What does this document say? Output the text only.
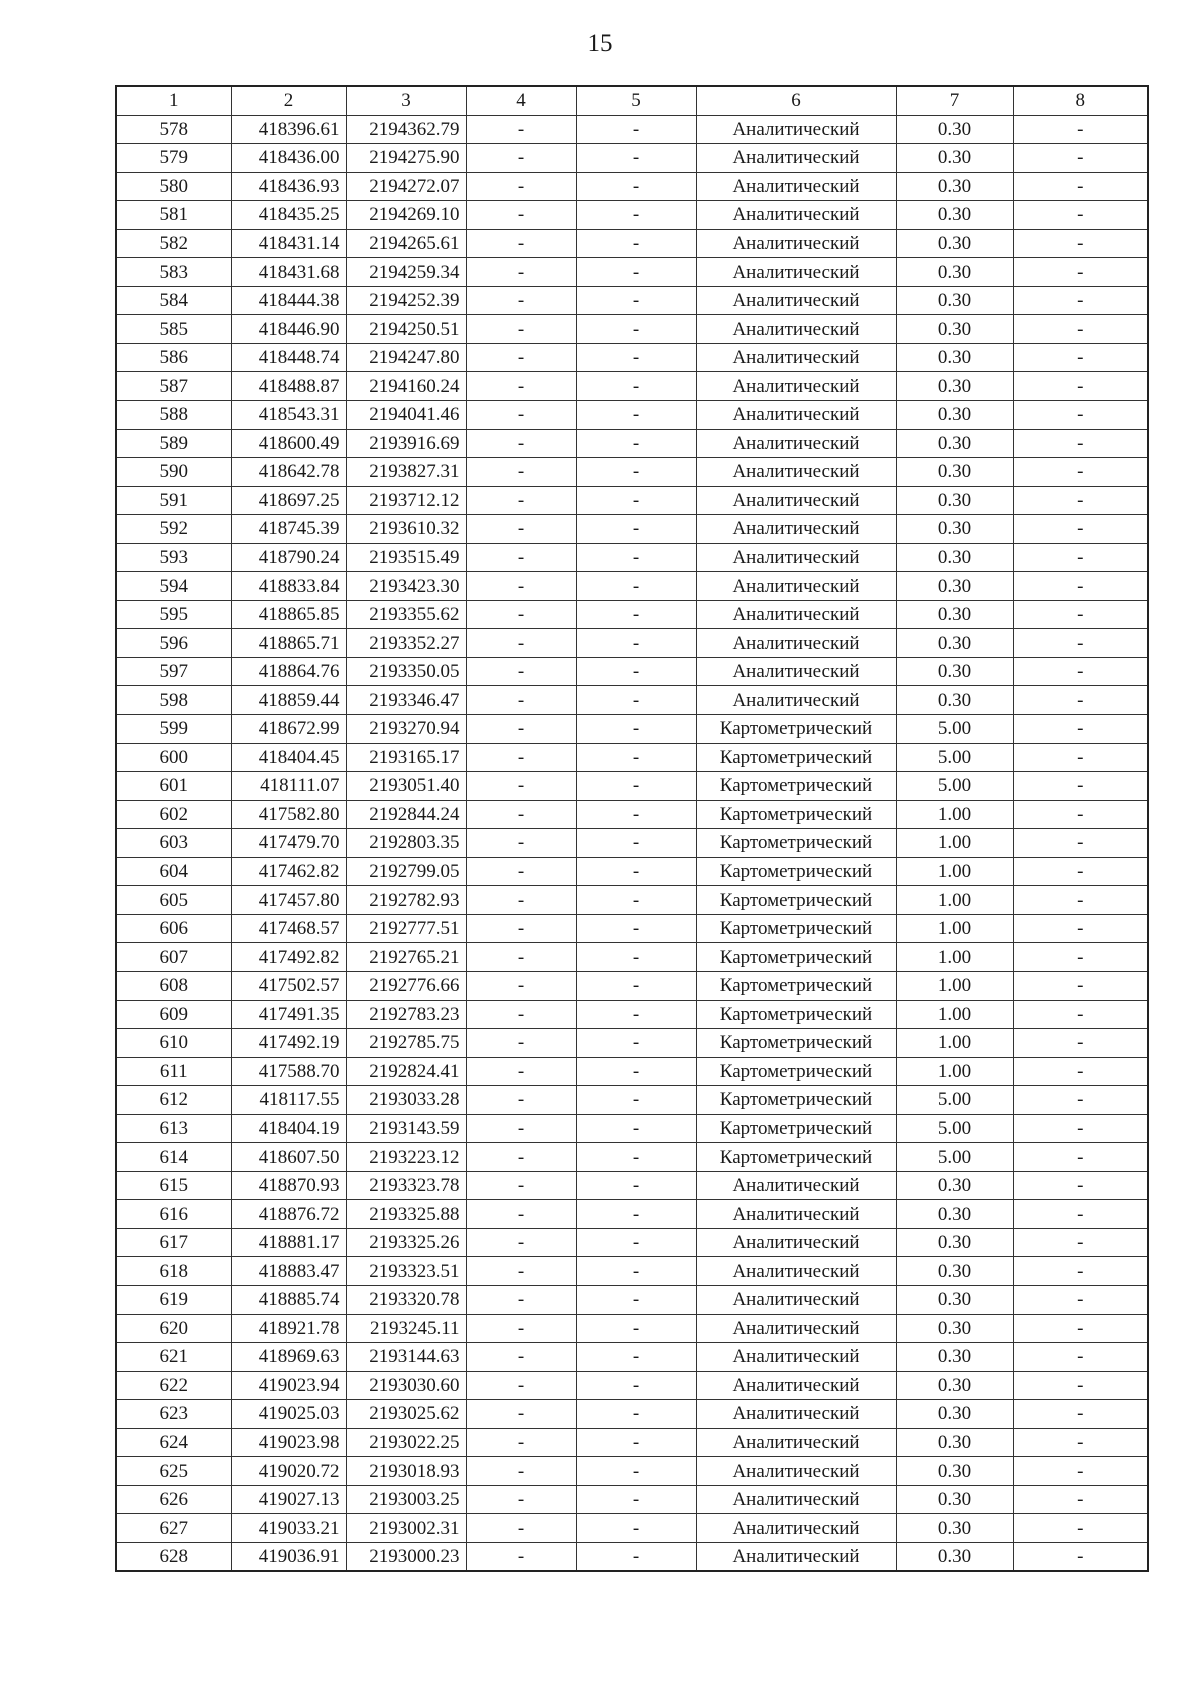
15
1	2	3	4	5	6	7	8
578	418396.61	2194362.79	-	-	Аналитический	0.30	-
579	418436.00	2194275.90	-	-	Аналитический	0.30	-
580	418436.93	2194272.07	-	-	Аналитический	0.30	-
581	418435.25	2194269.10	-	-	Аналитический	0.30	-
582	418431.14	2194265.61	-	-	Аналитический	0.30	-
583	418431.68	2194259.34	-	-	Аналитический	0.30	-
584	418444.38	2194252.39	-	-	Аналитический	0.30	-
585	418446.90	2194250.51	-	-	Аналитический	0.30	-
586	418448.74	2194247.80	-	-	Аналитический	0.30	-
587	418488.87	2194160.24	-	-	Аналитический	0.30	-
588	418543.31	2194041.46	-	-	Аналитический	0.30	-
589	418600.49	2193916.69	-	-	Аналитический	0.30	-
590	418642.78	2193827.31	-	-	Аналитический	0.30	-
591	418697.25	2193712.12	-	-	Аналитический	0.30	-
592	418745.39	2193610.32	-	-	Аналитический	0.30	-
593	418790.24	2193515.49	-	-	Аналитический	0.30	-
594	418833.84	2193423.30	-	-	Аналитический	0.30	-
595	418865.85	2193355.62	-	-	Аналитический	0.30	-
596	418865.71	2193352.27	-	-	Аналитический	0.30	-
597	418864.76	2193350.05	-	-	Аналитический	0.30	-
598	418859.44	2193346.47	-	-	Аналитический	0.30	-
599	418672.99	2193270.94	-	-	Картометрический	5.00	-
600	418404.45	2193165.17	-	-	Картометрический	5.00	-
601	418111.07	2193051.40	-	-	Картометрический	5.00	-
602	417582.80	2192844.24	-	-	Картометрический	1.00	-
603	417479.70	2192803.35	-	-	Картометрический	1.00	-
604	417462.82	2192799.05	-	-	Картометрический	1.00	-
605	417457.80	2192782.93	-	-	Картометрический	1.00	-
606	417468.57	2192777.51	-	-	Картометрический	1.00	-
607	417492.82	2192765.21	-	-	Картометрический	1.00	-
608	417502.57	2192776.66	-	-	Картометрический	1.00	-
609	417491.35	2192783.23	-	-	Картометрический	1.00	-
610	417492.19	2192785.75	-	-	Картометрический	1.00	-
611	417588.70	2192824.41	-	-	Картометрический	1.00	-
612	418117.55	2193033.28	-	-	Картометрический	5.00	-
613	418404.19	2193143.59	-	-	Картометрический	5.00	-
614	418607.50	2193223.12	-	-	Картометрический	5.00	-
615	418870.93	2193323.78	-	-	Аналитический	0.30	-
616	418876.72	2193325.88	-	-	Аналитический	0.30	-
617	418881.17	2193325.26	-	-	Аналитический	0.30	-
618	418883.47	2193323.51	-	-	Аналитический	0.30	-
619	418885.74	2193320.78	-	-	Аналитический	0.30	-
620	418921.78	2193245.11	-	-	Аналитический	0.30	-
621	418969.63	2193144.63	-	-	Аналитический	0.30	-
622	419023.94	2193030.60	-	-	Аналитический	0.30	-
623	419025.03	2193025.62	-	-	Аналитический	0.30	-
624	419023.98	2193022.25	-	-	Аналитический	0.30	-
625	419020.72	2193018.93	-	-	Аналитический	0.30	-
626	419027.13	2193003.25	-	-	Аналитический	0.30	-
627	419033.21	2193002.31	-	-	Аналитический	0.30	-
628	419036.91	2193000.23	-	-	Аналитический	0.30	-
